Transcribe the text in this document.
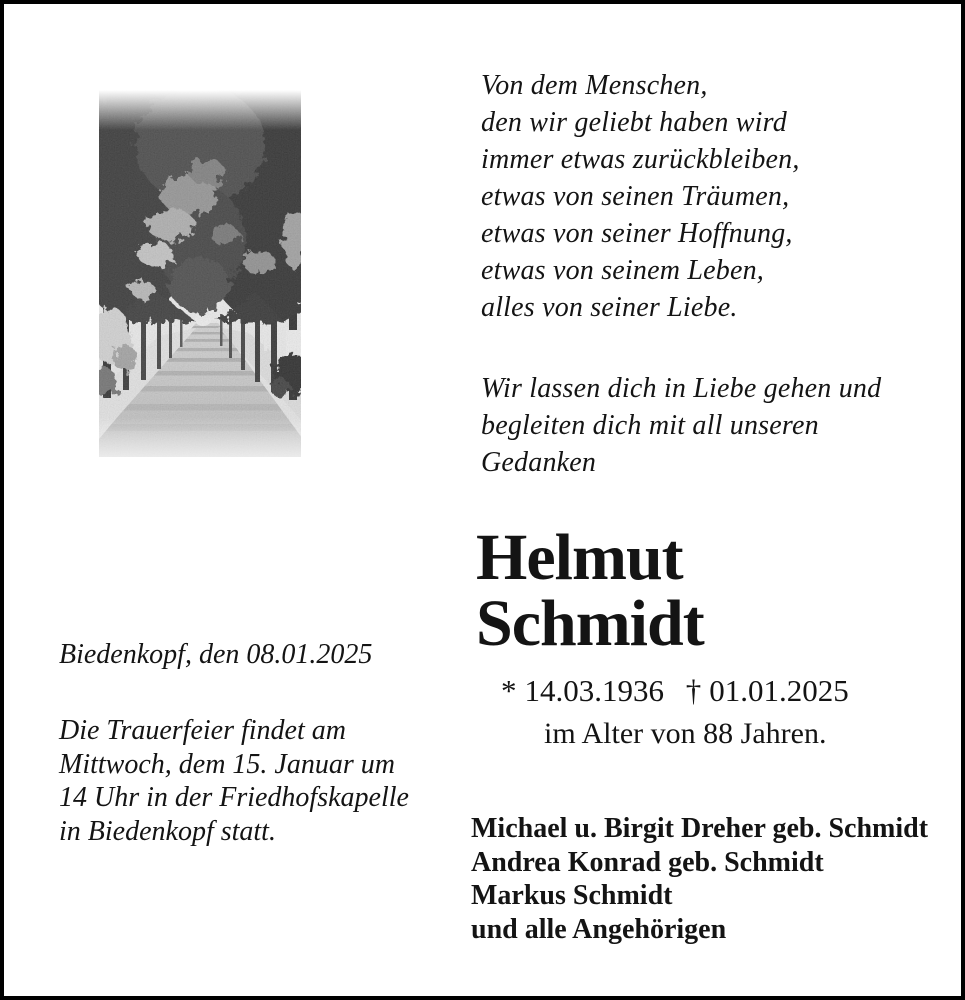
Von dem Menschen,
den wir geliebt haben wird
immer etwas zurückbleiben,
etwas von seinen Träumen,
etwas von seiner Hoffnung,
etwas von seinem Leben,
alles von seiner Liebe.
Wir lassen dich in Liebe gehen und
begleiten dich mit all unseren
Gedanken
Helmut
Schmidt
* 14.03.1936 † 01.01.2025
im Alter von 88 Jahren.
Biedenkopf, den 08.01.2025
Die Trauerfeier findet am
Mittwoch, dem 15. Januar um
14 Uhr in der Friedhofskapelle
in Biedenkopf statt.	Michael u. Birgit Dreher geb. Schmidt
Andrea Konrad geb. Schmidt
Markus Schmidt
und alle Angehörigen
